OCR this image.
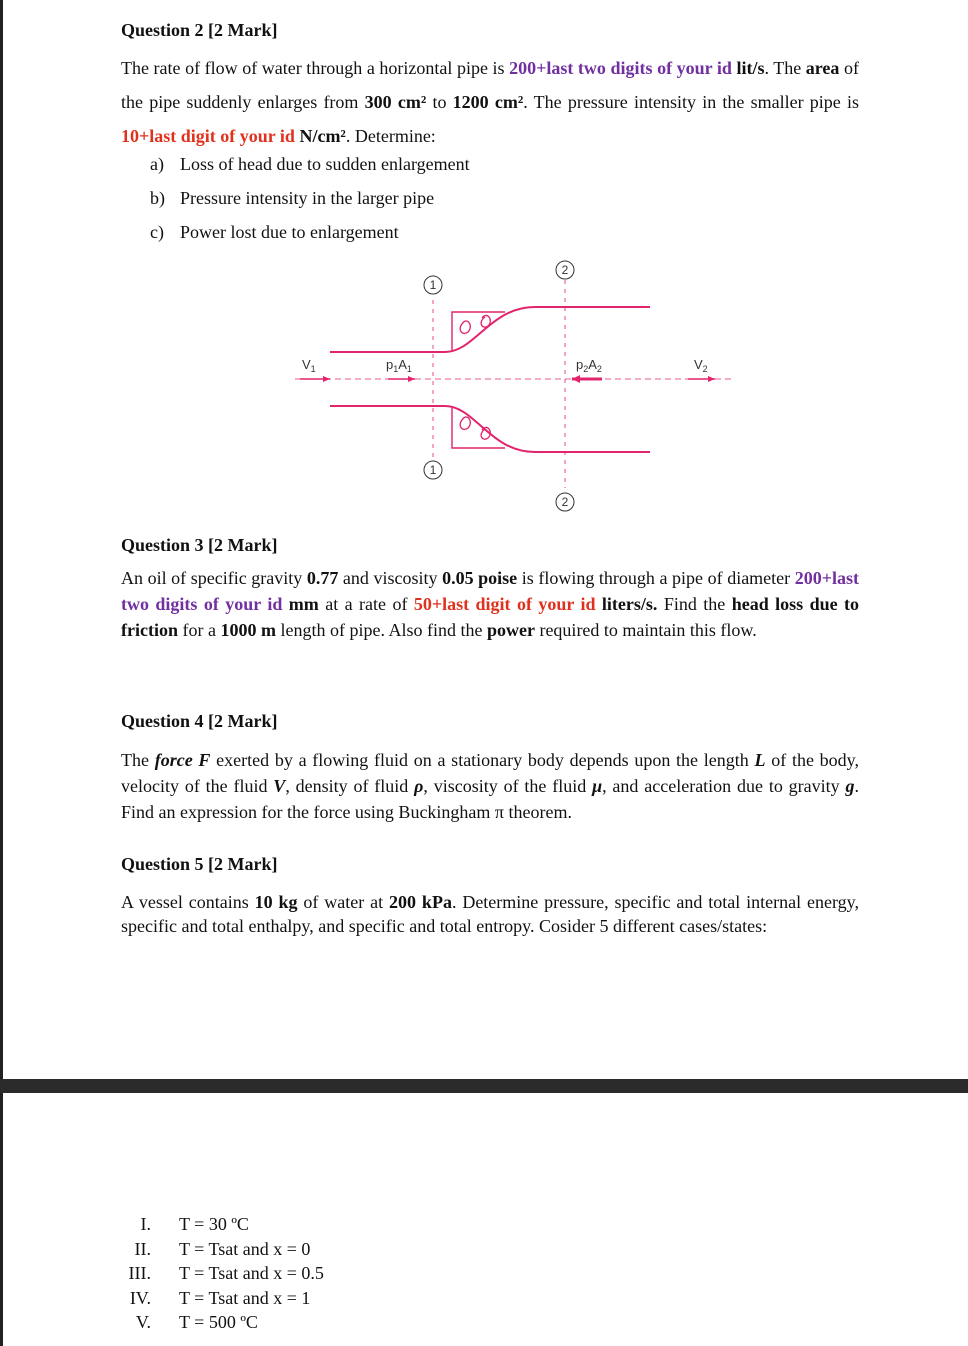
Question 2 [2 Mark]

The rate of flow of water through a horizontal pipe is 200+last two digits of your id lit/s. The area of the pipe suddenly enlarges from 300 cm² to 1200 cm². The pressure intensity in the smaller pipe is 10+last digit of your id N/cm². Determine:

a) Loss of head due to sudden enlargement
b) Pressure intensity in the larger pipe
c) Power lost due to enlargement
1
1
2
2
$V_1$	$p_1A_1$	$p_2A_2$	$V_2$
Question 3 [2 Mark]

An oil of specific gravity 0.77 and viscosity 0.05 poise is flowing through a pipe of diameter 200+last two digits of your id mm at a rate of 50+last digit of your id liters/s. Find the head loss due to friction for a 1000 m length of pipe. Also find the power required to maintain this flow.

Question 4 [2 Mark]

The force F exerted by a flowing fluid on a stationary body depends upon the length L of the body, velocity of the fluid V, density of fluid ρ, viscosity of the fluid μ, and acceleration due to gravity g. Find an expression for the force using Buckingham π theorem.

Question 5 [2 Mark]

A vessel contains 10 kg of water at 200 kPa. Determine pressure, specific and total internal energy, specific and total enthalpy, and specific and total entropy. Cosider 5 different cases/states:

I. T = 30 ºC
II. T = Tsat and x = 0
III. T = Tsat and x = 0.5
IV. T = Tsat and x = 1
V. T = 500 ºC
